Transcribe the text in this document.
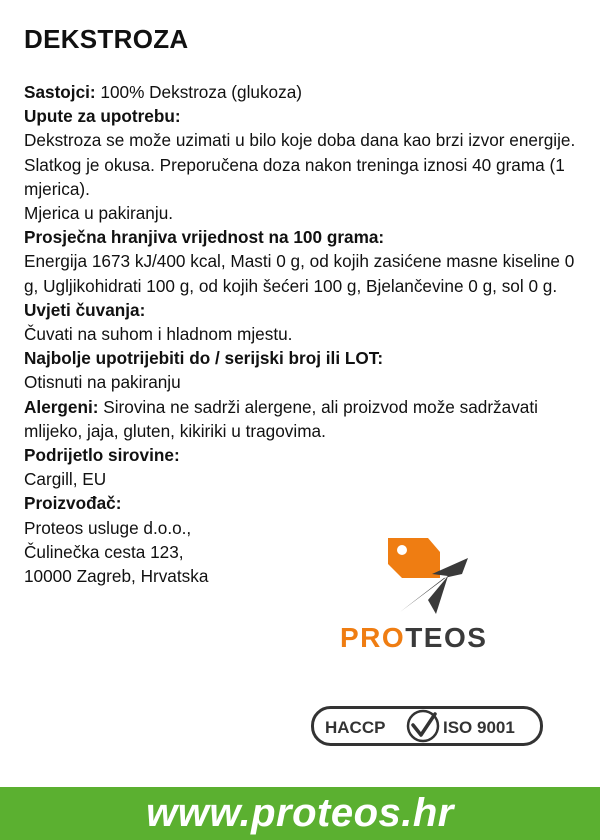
DEKSTROZA

Sastojci: 100% Dekstroza (glukoza)

Upute za upotrebu:

Dekstroza se može uzimati u bilo koje doba dana kao brzi izvor energije. Slatkog je okusa. Preporučena doza nakon treninga iznosi 40 grama (1 mjerica).

Mjerica u pakiranju.

Prosječna hranjiva vrijednost na 100 grama:

Energija 1673 kJ/400 kcal, Masti 0 g, od kojih zasićene masne kiseline 0 g, Ugljikohidrati 100 g, od kojih šećeri 100 g, Bjelančevine 0 g, sol 0 g.

Uvjeti čuvanja:

Čuvati na suhom i hladnom mjestu.

Najbolje upotrijebiti do / serijski broj ili LOT:

Otisnuti na pakiranju

Alergeni: Sirovina ne sadrži alergene, ali proizvod može sadržavati mlijeko, jaja, gluten, kikiriki u tragovima.

Podrijetlo sirovine:

Cargill, EU

Proizvođač:

Proteos usluge d.o.o.,

Čulinečka cesta 123,

10000 Zagreb, Hrvatska

PROTEOS
HACCP	ISO 9001
www.proteos.hr
